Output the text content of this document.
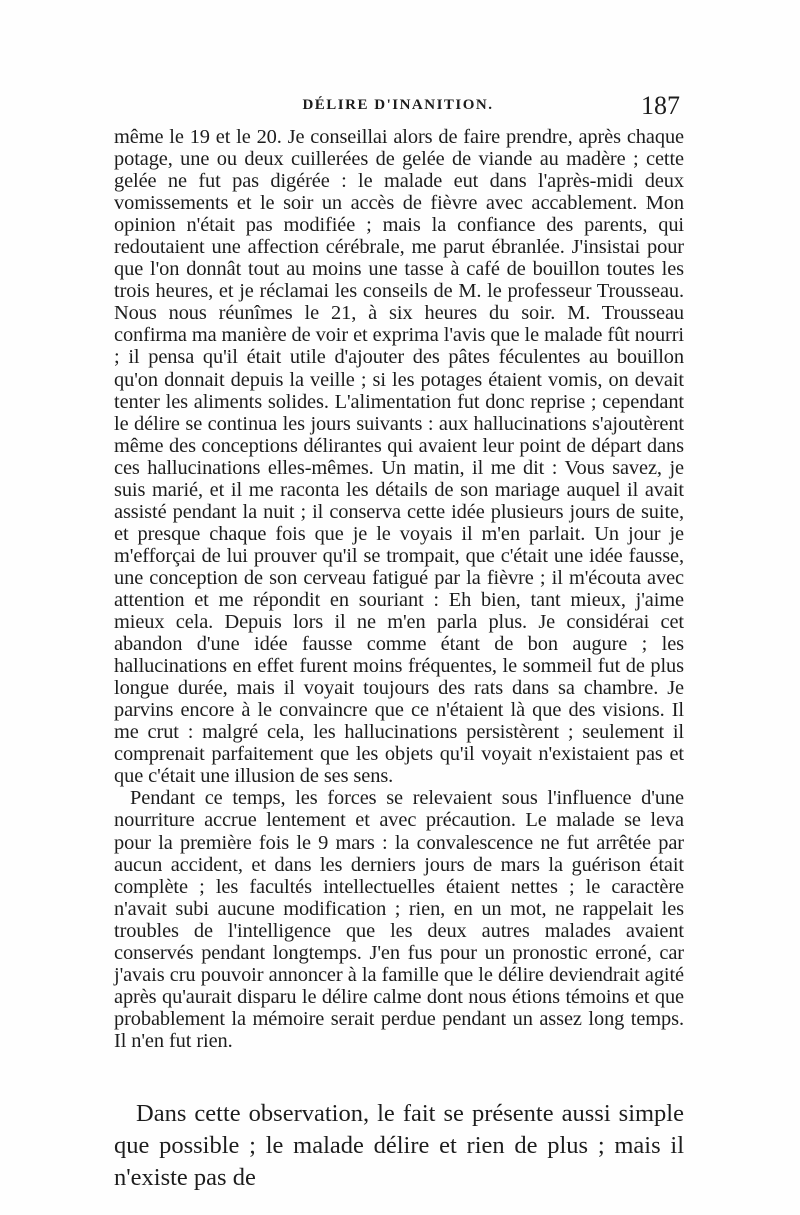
DÉLIRE D'INANITION.	187

même le 19 et le 20. Je conseillai alors de faire prendre, après chaque potage, une ou deux cuillerées de gelée de viande au madère ; cette gelée ne fut pas digérée : le malade eut dans l'après-midi deux vomissements et le soir un accès de fièvre avec accablement. Mon opinion n'était pas modifiée ; mais la confiance des parents, qui redoutaient une affection cérébrale, me parut ébranlée. J'insistai pour que l'on donnât tout au moins une tasse à café de bouillon toutes les trois heures, et je réclamai les conseils de M. le professeur Trousseau. Nous nous réunîmes le 21, à six heures du soir. M. Trousseau confirma ma manière de voir et exprima l'avis que le malade fût nourri ; il pensa qu'il était utile d'ajouter des pâtes féculentes au bouillon qu'on donnait depuis la veille ; si les potages étaient vomis, on devait tenter les aliments solides. L'alimentation fut donc reprise ; cependant le délire se continua les jours suivants : aux hallucinations s'ajoutèrent même des conceptions délirantes qui avaient leur point de départ dans ces hallucinations elles-mêmes. Un matin, il me dit : Vous savez, je suis marié, et il me raconta les détails de son mariage auquel il avait assisté pendant la nuit ; il conserva cette idée plusieurs jours de suite, et presque chaque fois que je le voyais il m'en parlait. Un jour je m'efforçai de lui prouver qu'il se trompait, que c'était une idée fausse, une conception de son cerveau fatigué par la fièvre ; il m'écouta avec attention et me répondit en souriant : Eh bien, tant mieux, j'aime mieux cela. Depuis lors il ne m'en parla plus. Je considérai cet abandon d'une idée fausse comme étant de bon augure ; les hallucinations en effet furent moins fréquentes, le sommeil fut de plus longue durée, mais il voyait toujours des rats dans sa chambre. Je parvins encore à le convaincre que ce n'étaient là que des visions. Il me crut : malgré cela, les hallucinations persistèrent ; seulement il comprenait parfaitement que les objets qu'il voyait n'existaient pas et que c'était une illusion de ses sens.

Pendant ce temps, les forces se relevaient sous l'influence d'une nourriture accrue lentement et avec précaution. Le malade se leva pour la première fois le 9 mars : la convalescence ne fut arrêtée par aucun accident, et dans les derniers jours de mars la guérison était complète ; les facultés intellectuelles étaient nettes ; le caractère n'avait subi aucune modification ; rien, en un mot, ne rappelait les troubles de l'intelligence que les deux autres malades avaient conservés pendant longtemps. J'en fus pour un pronostic erroné, car j'avais cru pouvoir annoncer à la famille que le délire deviendrait agité après qu'aurait disparu le délire calme dont nous étions témoins et que probablement la mémoire serait perdue pendant un assez long temps. Il n'en fut rien.

Dans cette observation, le fait se présente aussi simple que possible ; le malade délire et rien de plus ; mais il n'existe pas de
